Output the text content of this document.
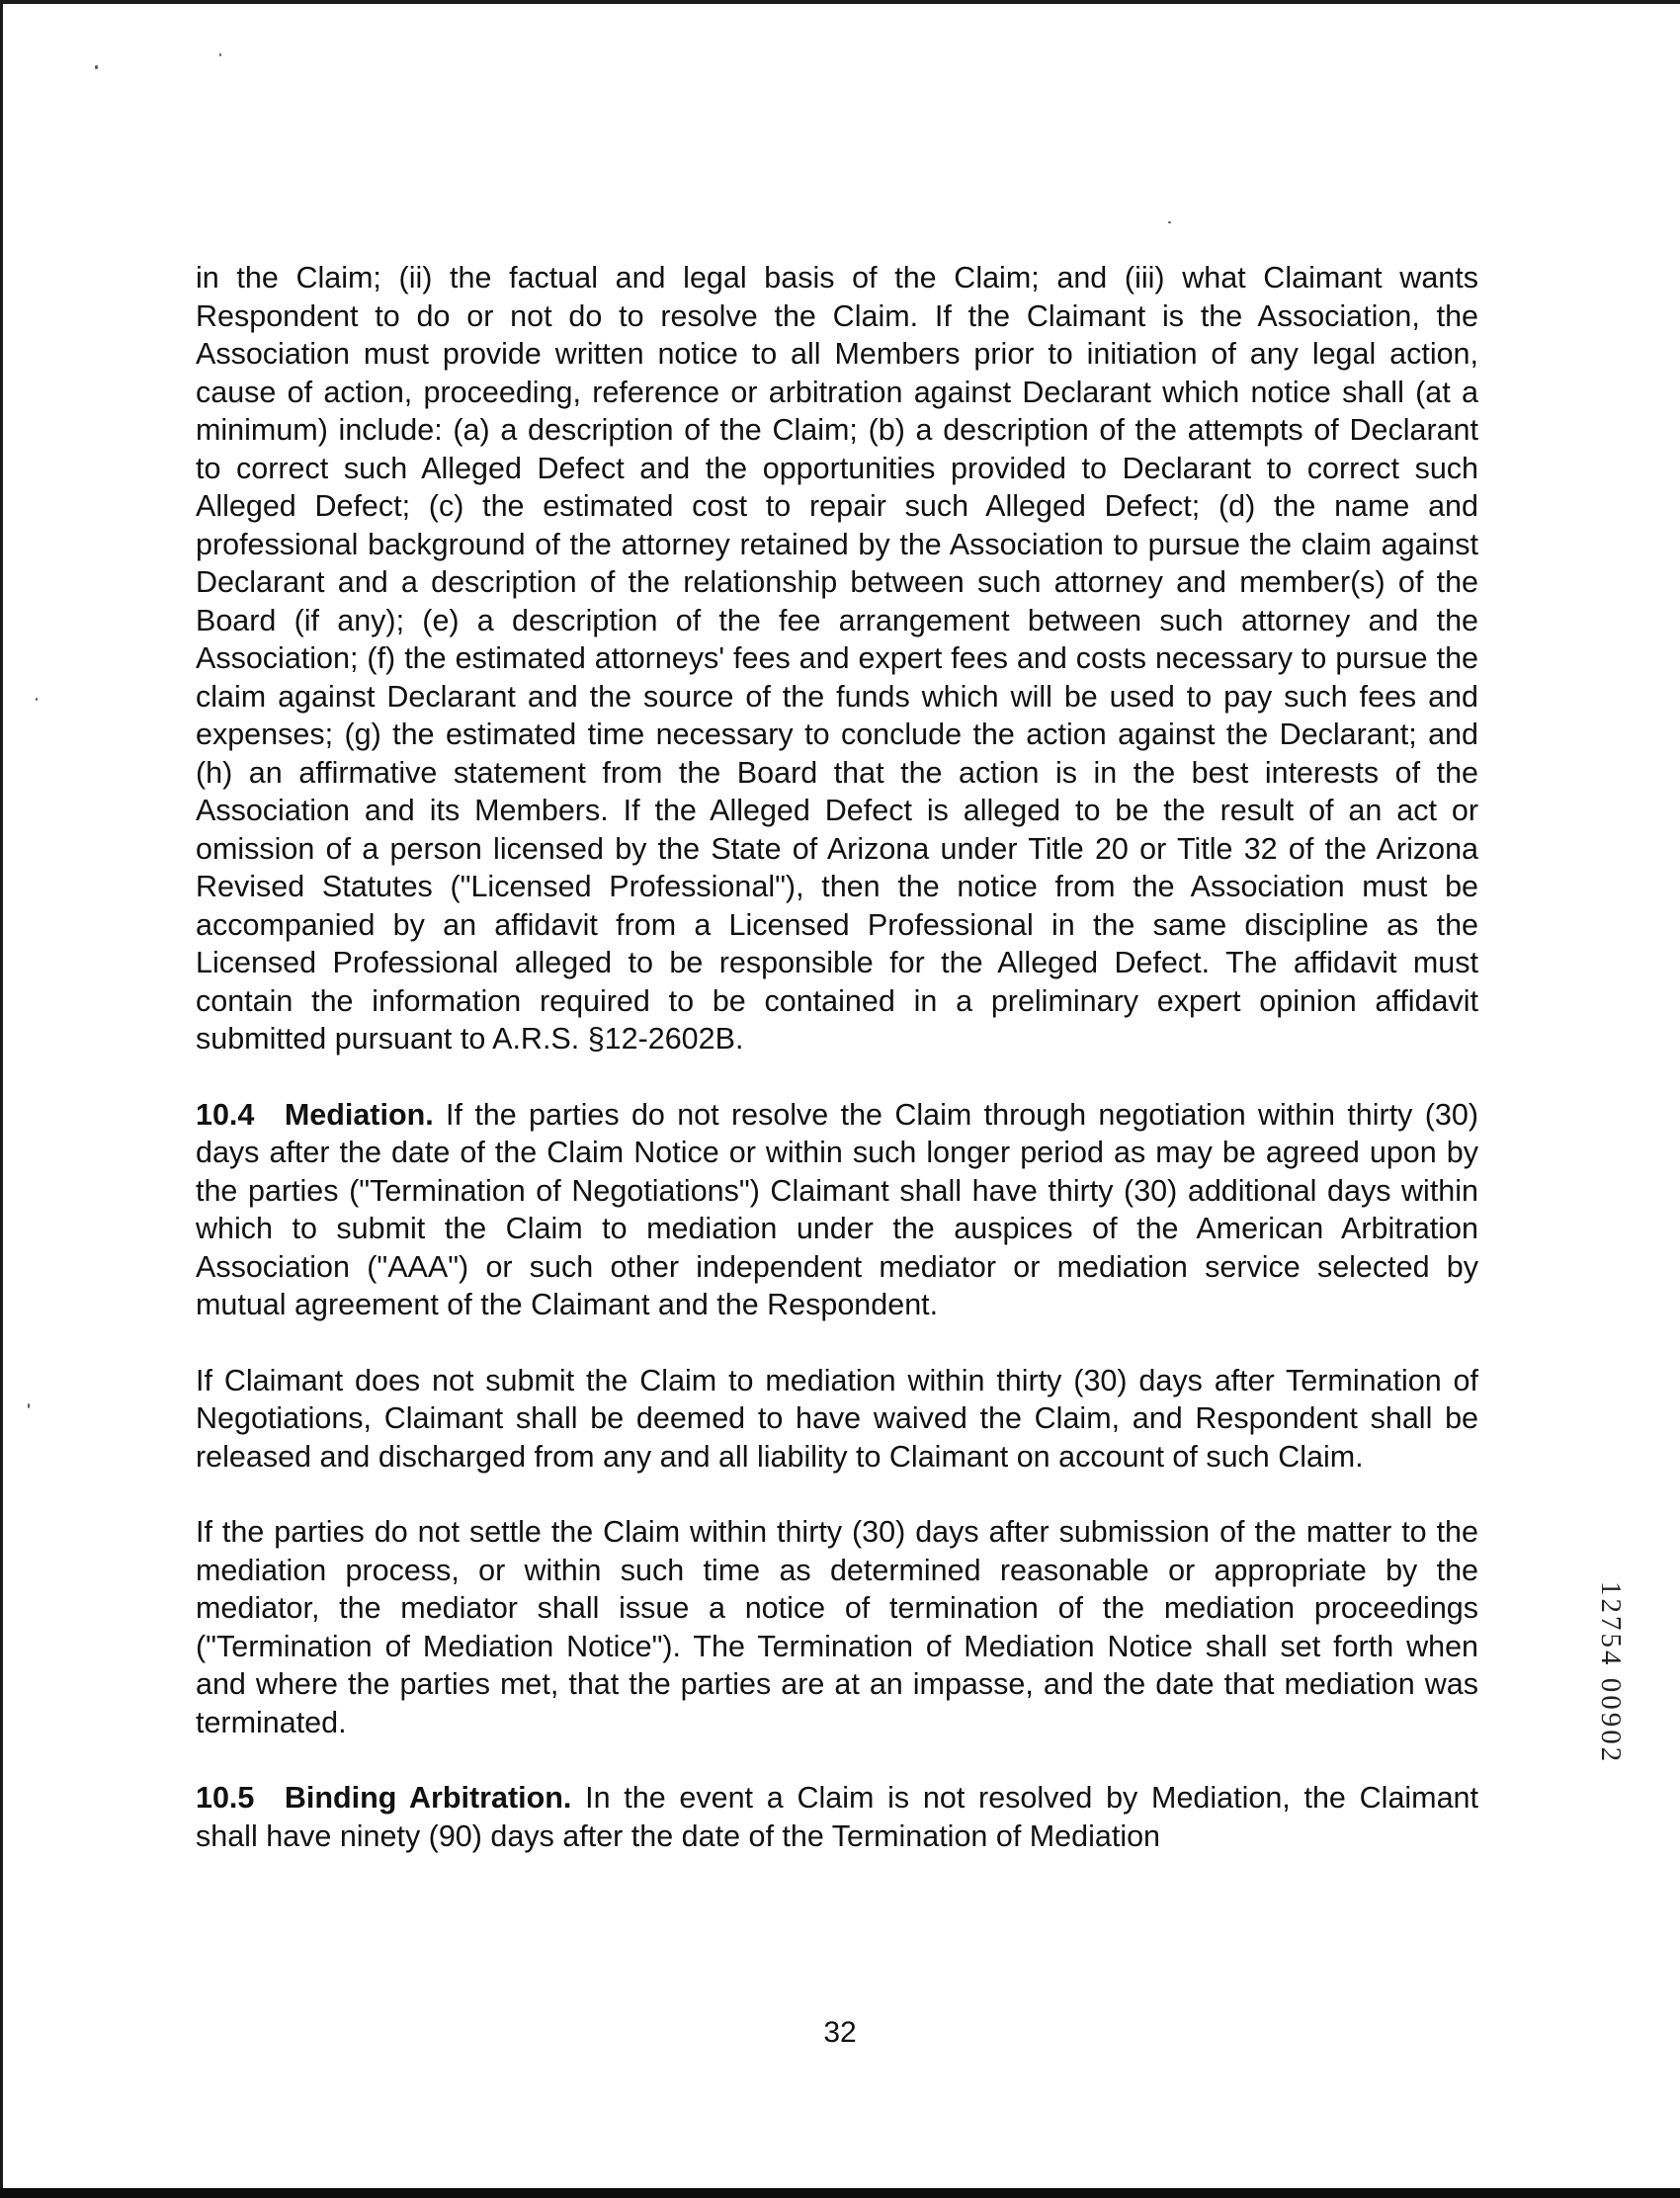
in the Claim; (ii) the factual and legal basis of the Claim; and (iii) what Claimant wants Respondent to do or not do to resolve the Claim. If the Claimant is the Association, the Association must provide written notice to all Members prior to initiation of any legal action, cause of action, proceeding, reference or arbitration against Declarant which notice shall (at a minimum) include: (a) a description of the Claim; (b) a description of the attempts of Declarant to correct such Alleged Defect and the opportunities provided to Declarant to correct such Alleged Defect; (c) the estimated cost to repair such Alleged Defect; (d) the name and professional background of the attorney retained by the Association to pursue the claim against Declarant and a description of the relationship between such attorney and member(s) of the Board (if any); (e) a description of the fee arrangement between such attorney and the Association; (f) the estimated attorneys' fees and expert fees and costs necessary to pursue the claim against Declarant and the source of the funds which will be used to pay such fees and expenses; (g) the estimated time necessary to conclude the action against the Declarant; and (h) an affirmative statement from the Board that the action is in the best interests of the Association and its Members. If the Alleged Defect is alleged to be the result of an act or omission of a person licensed by the State of Arizona under Title 20 or Title 32 of the Arizona Revised Statutes ("Licensed Professional"), then the notice from the Association must be accompanied by an affidavit from a Licensed Professional in the same discipline as the Licensed Professional alleged to be responsible for the Alleged Defect. The affidavit must contain the information required to be contained in a preliminary expert opinion affidavit submitted pursuant to A.R.S. §12-2602B.

10.4  Mediation. If the parties do not resolve the Claim through negotiation within thirty (30) days after the date of the Claim Notice or within such longer period as may be agreed upon by the parties ("Termination of Negotiations") Claimant shall have thirty (30) additional days within which to submit the Claim to mediation under the auspices of the American Arbitration Association ("AAA") or such other independent mediator or mediation service selected by mutual agreement of the Claimant and the Respondent.

If Claimant does not submit the Claim to mediation within thirty (30) days after Termination of Negotiations, Claimant shall be deemed to have waived the Claim, and Respondent shall be released and discharged from any and all liability to Claimant on account of such Claim.

If the parties do not settle the Claim within thirty (30) days after submission of the matter to the mediation process, or within such time as determined reasonable or appropriate by the mediator, the mediator shall issue a notice of termination of the mediation proceedings ("Termination of Mediation Notice"). The Termination of Mediation Notice shall set forth when and where the parties met, that the parties are at an impasse, and the date that mediation was terminated.

10.5  Binding Arbitration. In the event a Claim is not resolved by Mediation, the Claimant shall have ninety (90) days after the date of the Termination of Mediation

12754 00902

32
